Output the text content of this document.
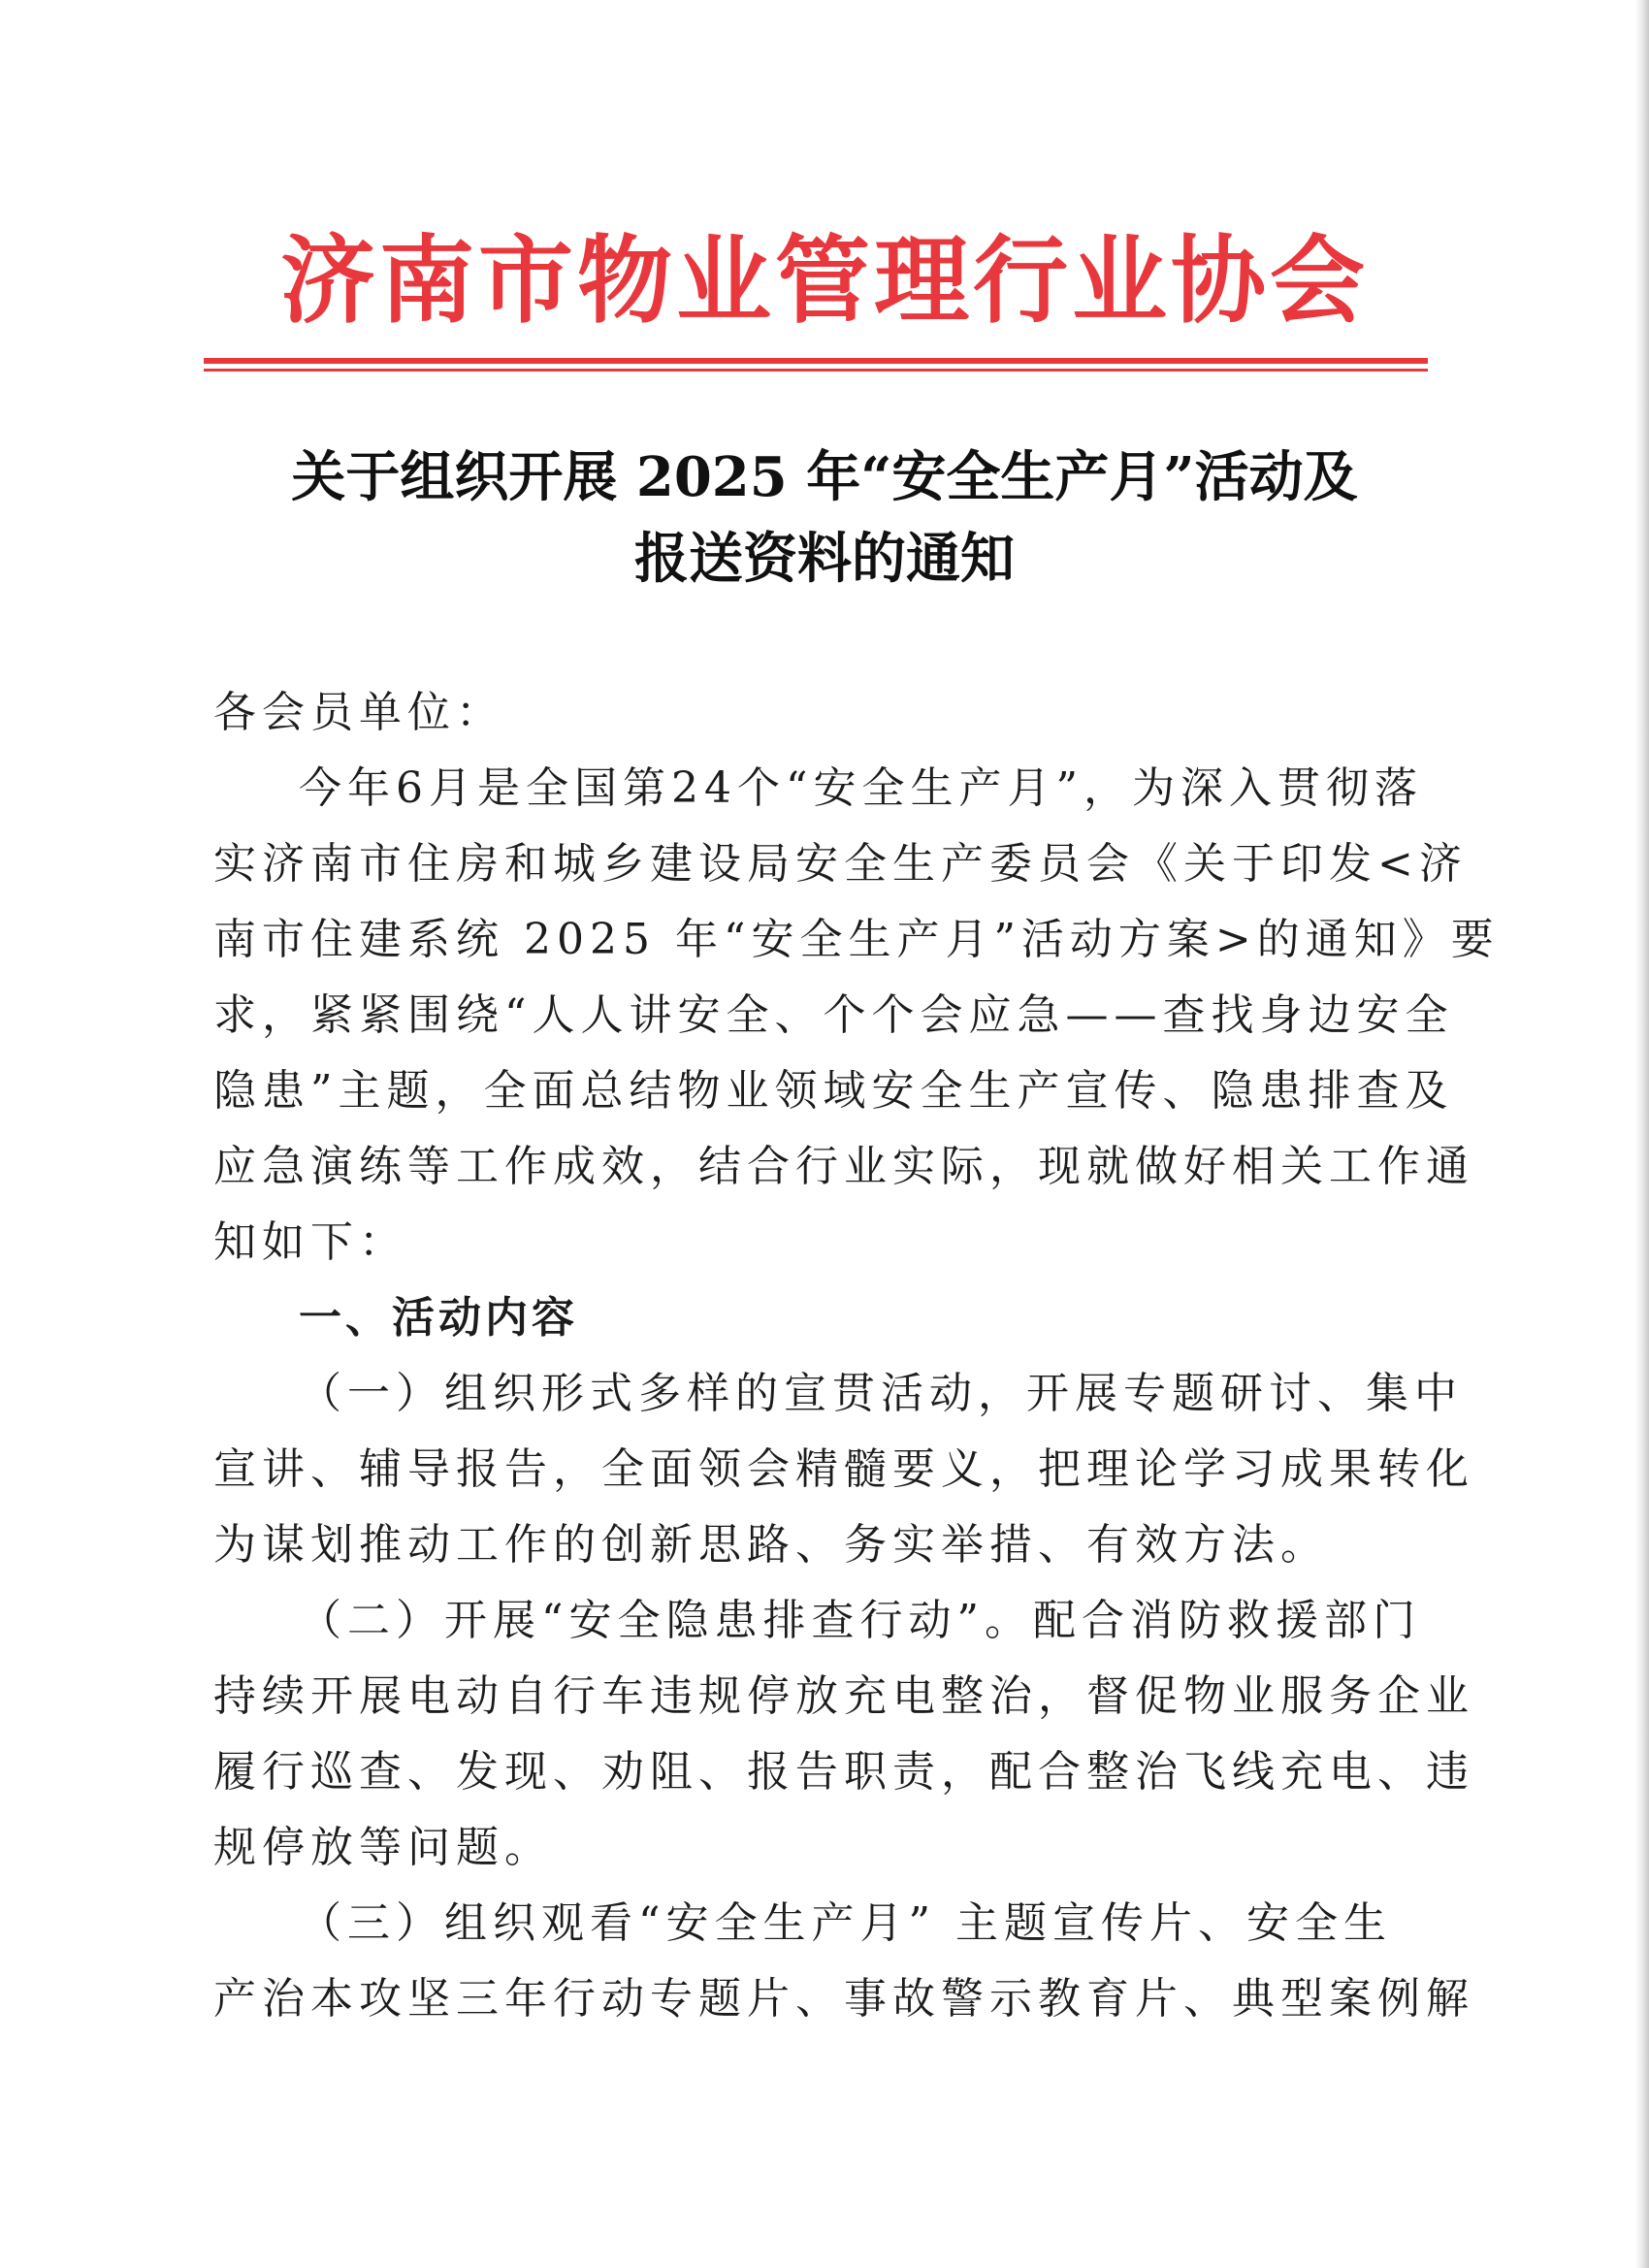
济南市物业管理行业协会
关于组织开展 2025 年“安全生产月”活动及
报送资料的通知
各会员单位：
今年6月是全国第24个“安全生产月”，为深入贯彻落
实济南市住房和城乡建设局安全生产委员会《关于印发<济
南市住建系统 2025 年“安全生产月”活动方案>的通知》要
求，紧紧围绕“人人讲安全、个个会应急——查找身边安全
隐患”主题，全面总结物业领域安全生产宣传、隐患排查及
应急演练等工作成效，结合行业实际，现就做好相关工作通
知如下：
一、活动内容
（一）组织形式多样的宣贯活动，开展专题研讨、集中
宣讲、辅导报告，全面领会精髓要义，把理论学习成果转化
为谋划推动工作的创新思路、务实举措、有效方法。
（二）开展“安全隐患排查行动”。配合消防救援部门
持续开展电动自行车违规停放充电整治，督促物业服务企业
履行巡查、发现、劝阻、报告职责，配合整治飞线充电、违
规停放等问题。
（三）组织观看“安全生产月” 主题宣传片、安全生
产治本攻坚三年行动专题片、事故警示教育片、典型案例解
